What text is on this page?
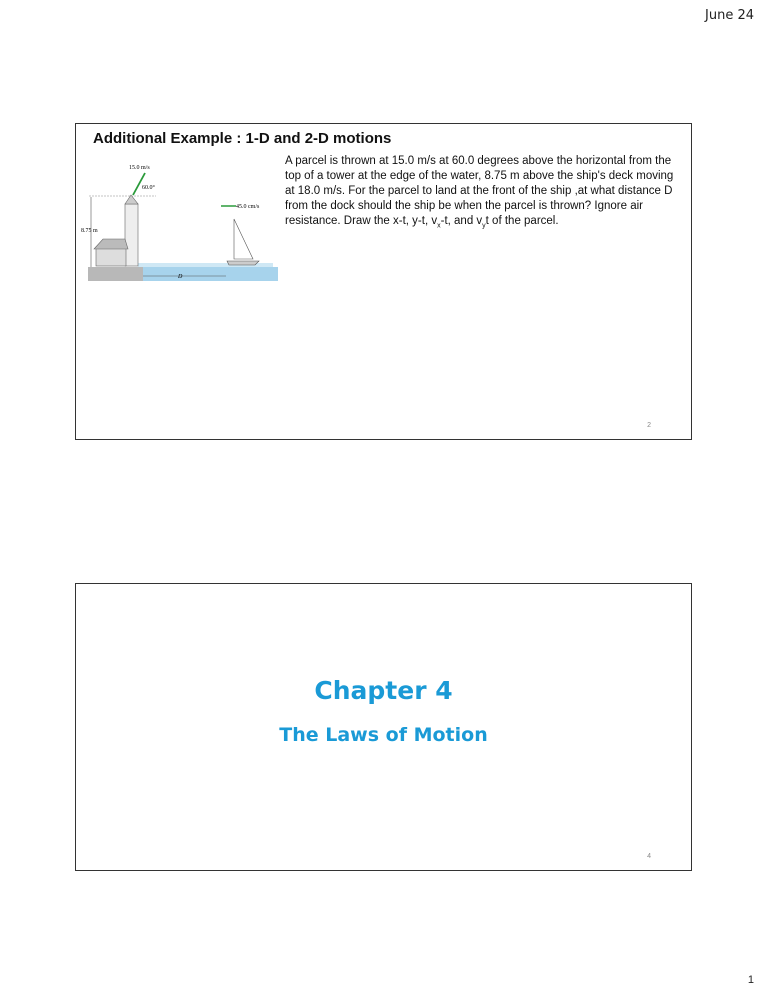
June 24
Additional Example : 1-D and 2-D motions
8.75 m
15.0 m/s
60.0°
45.0 cm/s
D
A parcel is thrown at 15.0 m/s at 60.0 degrees above the horizontal from the top of a tower at the edge of the water, 8.75 m above the ship's deck moving at 18.0 m/s. For the parcel to land at the front of the ship ,at what distance D from the dock should the ship be when the parcel is thrown? Ignore air resistance. Draw the x-t, y-t, $v_x-t$, and $v_yt$ of the parcel.
2
Chapter 4
The Laws of Motion
4
1
